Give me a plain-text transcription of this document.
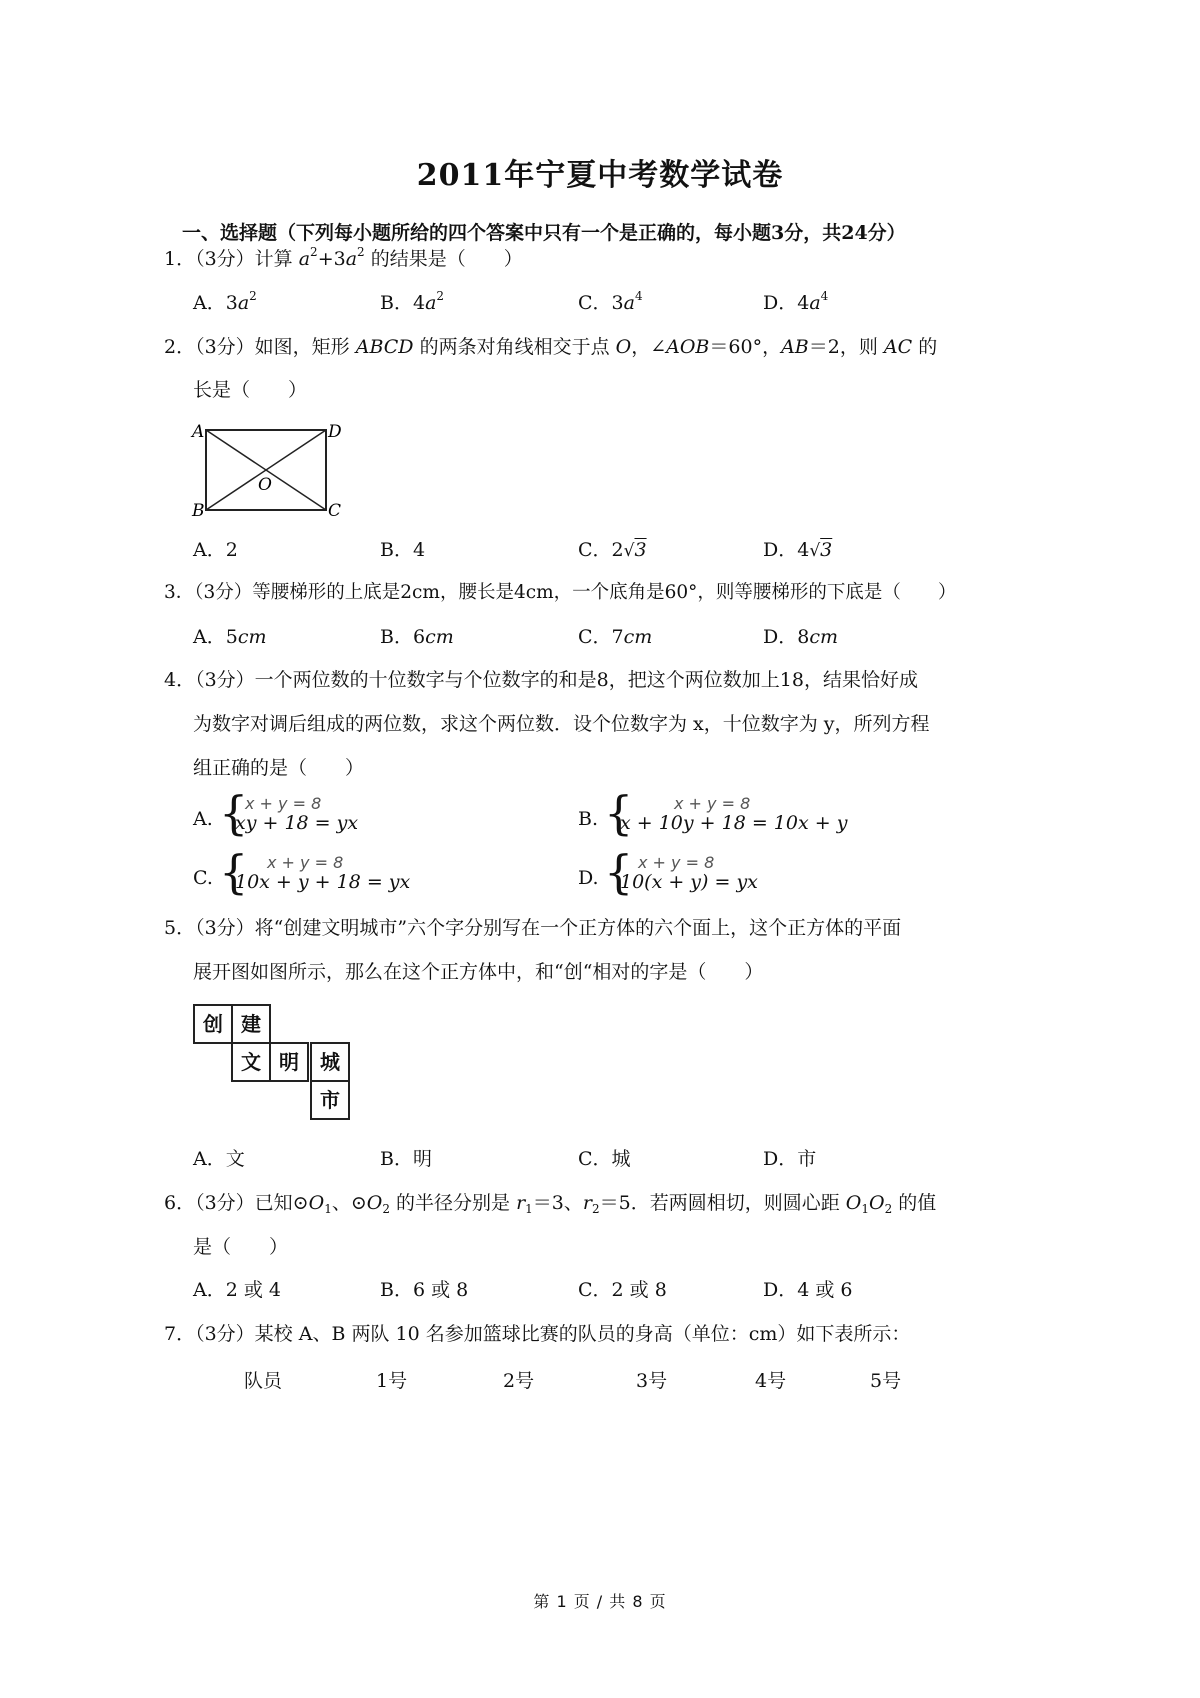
2011年宁夏中考数学试卷
一、选择题（下列每小题所给的四个答案中只有一个是正确的，每小题3分，共24分）
1．（3分）计算 $a^2+3a^2$ 的结果是（　　）
A．$3a^2$	B．$4a^2$	C．$3a^4$	D．$4a^4$
2．（3分）如图，矩形 ABCD 的两条对角线相交于点 O，∠AOB＝60°，AB＝2，则 AC 的
长是（　　）
A	D
B	C
O
A．2	B．4	C．2√3	D．4√3
3．（3分）等腰梯形的上底是2cm，腰长是4cm，一个底角是60°，则等腰梯形的下底是（　　）
A．5cm	B．6cm	C．7cm	D．8cm
4．（3分）一个两位数的十位数字与个位数字的和是8，把这个两位数加上18，结果恰好成
为数字对调后组成的两位数，求这个两位数．设个位数字为 x，十位数字为 y，所列方程
组正确的是（　　）
A. {
x + y = 8
xy + 18 = yx	B. {	x + y = 8
x + 10y + 18 = 10x + y
C. { x + y = 8
10x + y + 18 = yx	D. { x + y = 8
10(x + y) = yx
5．（3分）将“创建文明城市”六个字分别写在一个正方体的六个面上，这个正方体的平面
展开图如图所示，那么在这个正方体中，和“创“相对的字是（　　）
创 建
文 明	城
市
A．文	B．明	C．城	D．市
6．（3分）已知$⊙O_1$、$⊙O_2$ 的半径分别是 $r_1=3$、$r_2=5$．若两圆相切，则圆心距 $O_1O_2$ 的值
是（　　）
A．2 或 4	B．6 或 8	C．2 或 8	D．4 或 6
7．（3分）某校 A、B 两队 10 名参加篮球比赛的队员的身高（单位：cm）如下表所示：
队员	1号	2号	3号	4号	5号
第 1 页 / 共 8 页
